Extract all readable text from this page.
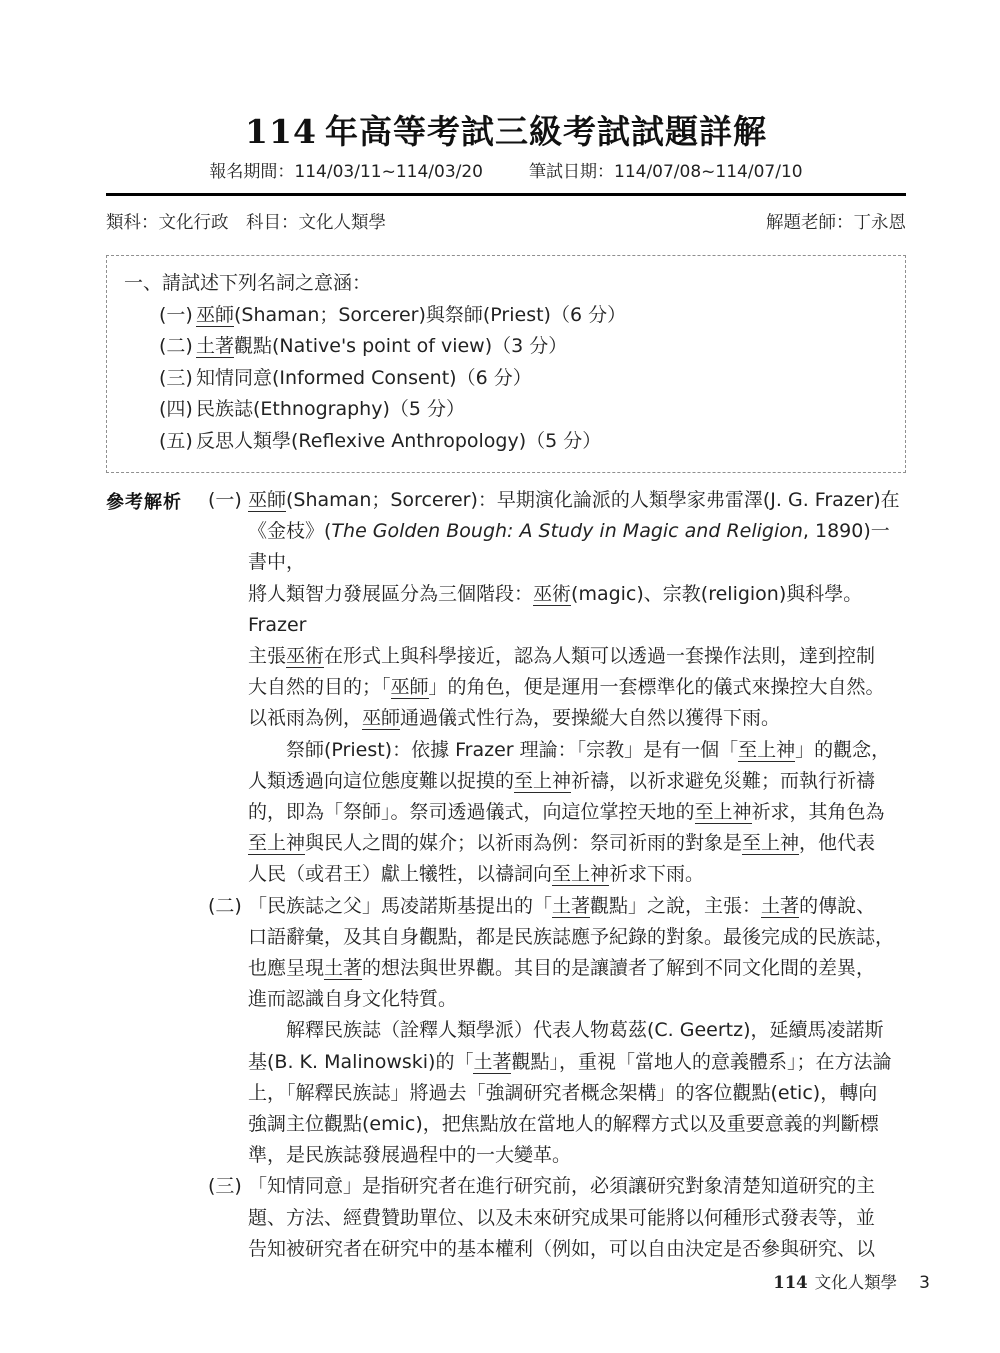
114 年高等考試三級考試試題詳解
報名期間：114/03/11~114/03/20	筆試日期：114/07/08~114/07/10
類科：文化行政　科目：文化人類學	解題老師：丁永恩
一、請試述下列名詞之意涵：
(一) 巫師(Shaman；Sorcerer)與祭師(Priest)（6 分）
(二) 土著觀點(Native's point of view)（3 分）
(三) 知情同意(Informed Consent)（6 分）
(四) 民族誌(Ethnography)（5 分）
(五) 反思人類學(Reflexive Anthropology)（5 分）
參考解析	(一) 巫師(Shaman；Sorcerer)：早期演化論派的人類學家弗雷澤(J. G. Frazer)在
《金枝》(The Golden Bough: A Study in Magic and Religion, 1890)一書中，
將人類智力發展區分為三個階段：巫術(magic)、宗教(religion)與科學。Frazer
主張巫術在形式上與科學接近，認為人類可以透過一套操作法則，達到控制
大自然的目的；「巫師」的角色，便是運用一套標準化的儀式來操控大自然。
以祇雨為例，巫師通過儀式性行為，要操縱大自然以獲得下雨。
祭師(Priest)：依據 Frazer 理論：「宗教」是有一個「至上神」的觀念，
人類透過向這位態度難以捉摸的至上神祈禱，以祈求避免災難；而執行祈禱
的，即為「祭師」。祭司透過儀式，向這位掌控天地的至上神祈求，其角色為
至上神與民人之間的媒介；以祈雨為例：祭司祈雨的對象是至上神，他代表
人民（或君王）獻上犧牲，以禱詞向至上神祈求下雨。
(二) 「民族誌之父」馬凌諾斯基提出的「土著觀點」之說，主張：土著的傳說、
口語辭彙，及其自身觀點，都是民族誌應予紀錄的對象。最後完成的民族誌，
也應呈現土著的想法與世界觀。其目的是讓讀者了解到不同文化間的差異，
進而認識自身文化特質。
解釋民族誌（詮釋人類學派）代表人物葛茲(C. Geertz)，延續馬凌諾斯
基(B. K. Malinowski)的「土著觀點」，重視「當地人的意義體系」；在方法論
上，「解釋民族誌」將過去「強調研究者概念架構」的客位觀點(etic)，轉向
強調主位觀點(emic)，把焦點放在當地人的解釋方式以及重要意義的判斷標
準，是民族誌發展過程中的一大變革。
(三) 「知情同意」是指研究者在進行研究前，必須讓研究對象清楚知道研究的主
題、方法、經費贊助單位、以及未來研究成果可能將以何種形式發表等，並
告知被研究者在研究中的基本權利（例如，可以自由決定是否參與研究、以
114 文化人類學 3
